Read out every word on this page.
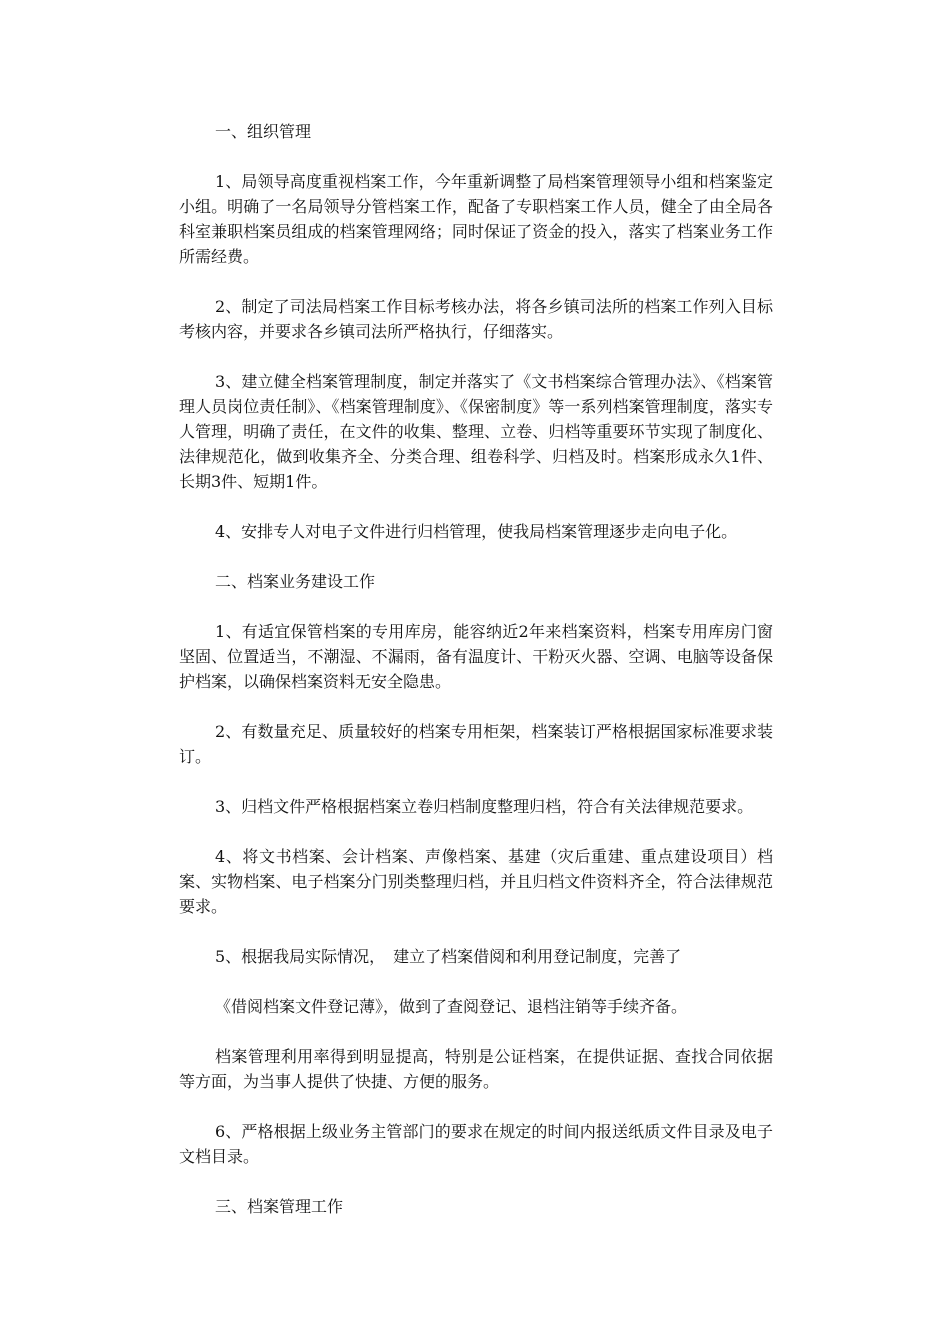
一、组织管理

1、局领导高度重视档案工作，今年重新调整了局档案管理领导小组和档案鉴定小组。明确了一名局领导分管档案工作，配备了专职档案工作人员，健全了由全局各科室兼职档案员组成的档案管理网络；同时保证了资金的投入，落实了档案业务工作所需经费。

2、制定了司法局档案工作目标考核办法，将各乡镇司法所的档案工作列入目标考核内容，并要求各乡镇司法所严格执行，仔细落实。

3、建立健全档案管理制度，制定并落实了《文书档案综合管理办法》、《档案管理人员岗位责任制》、《档案管理制度》、《保密制度》等一系列档案管理制度，落实专人管理，明确了责任，在文件的收集、整理、立卷、归档等重要环节实现了制度化、法律规范化，做到收集齐全、分类合理、组卷科学、归档及时。档案形成永久1件、长期3件、短期1件。

4、安排专人对电子文件进行归档管理，使我局档案管理逐步走向电子化。

二、档案业务建设工作

1、有适宜保管档案的专用库房，能容纳近2年来档案资料，档案专用库房门窗坚固、位置适当，不潮湿、不漏雨，备有温度计、干粉灭火器、空调、电脑等设备保护档案，以确保档案资料无安全隐患。

2、有数量充足、质量较好的档案专用柜架，档案装订严格根据国家标准要求装订。

3、归档文件严格根据档案立卷归档制度整理归档，符合有关法律规范要求。

4、将文书档案、会计档案、声像档案、基建（灾后重建、重点建设项目）档案、实物档案、电子档案分门别类整理归档，并且归档文件资料齐全，符合法律规范要求。

5、根据我局实际情况，　建立了档案借阅和利用登记制度，完善了

《借阅档案文件登记薄》，做到了查阅登记、退档注销等手续齐备。

档案管理利用率得到明显提高，特别是公证档案，在提供证据、查找合同依据等方面，为当事人提供了快捷、方便的服务。

6、严格根据上级业务主管部门的要求在规定的时间内报送纸质文件目录及电子文档目录。

三、档案管理工作
